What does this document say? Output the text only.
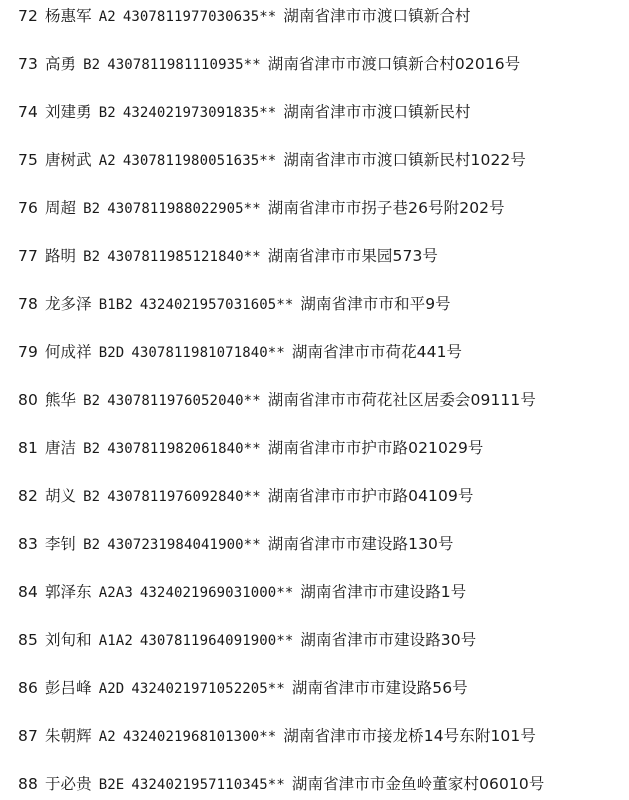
72 杨惠军 A2 4307811977030635** 湖南省津市市渡口镇新合村
73 高勇 B2 4307811981110935** 湖南省津市市渡口镇新合村02016号
74 刘建勇 B2 4324021973091835** 湖南省津市市渡口镇新民村
75 唐树武 A2 4307811980051635** 湖南省津市市渡口镇新民村1022号
76 周超 B2 4307811988022905** 湖南省津市市拐子巷26号附202号
77 路明 B2 4307811985121840** 湖南省津市市果园573号
78 龙多泽 B1B2 4324021957031605** 湖南省津市市和平9号
79 何成祥 B2D 4307811981071840** 湖南省津市市荷花441号
80 熊华 B2 4307811976052040** 湖南省津市市荷花社区居委会09111号
81 唐洁 B2 4307811982061840** 湖南省津市市护市路021029号
82 胡义 B2 4307811976092840** 湖南省津市市护市路04109号
83 李钊 B2 4307231984041900** 湖南省津市市建设路130号
84 郭泽东 A2A3 4324021969031000** 湖南省津市市建设路1号
85 刘旬和 A1A2 4307811964091900** 湖南省津市市建设路30号
86 彭吕峰 A2D 4324021971052205** 湖南省津市市建设路56号
87 朱朝辉 A2 4324021968101300** 湖南省津市市接龙桥14号东附101号
88 于必贵 B2E 4324021957110345** 湖南省津市市金鱼岭董家村06010号
